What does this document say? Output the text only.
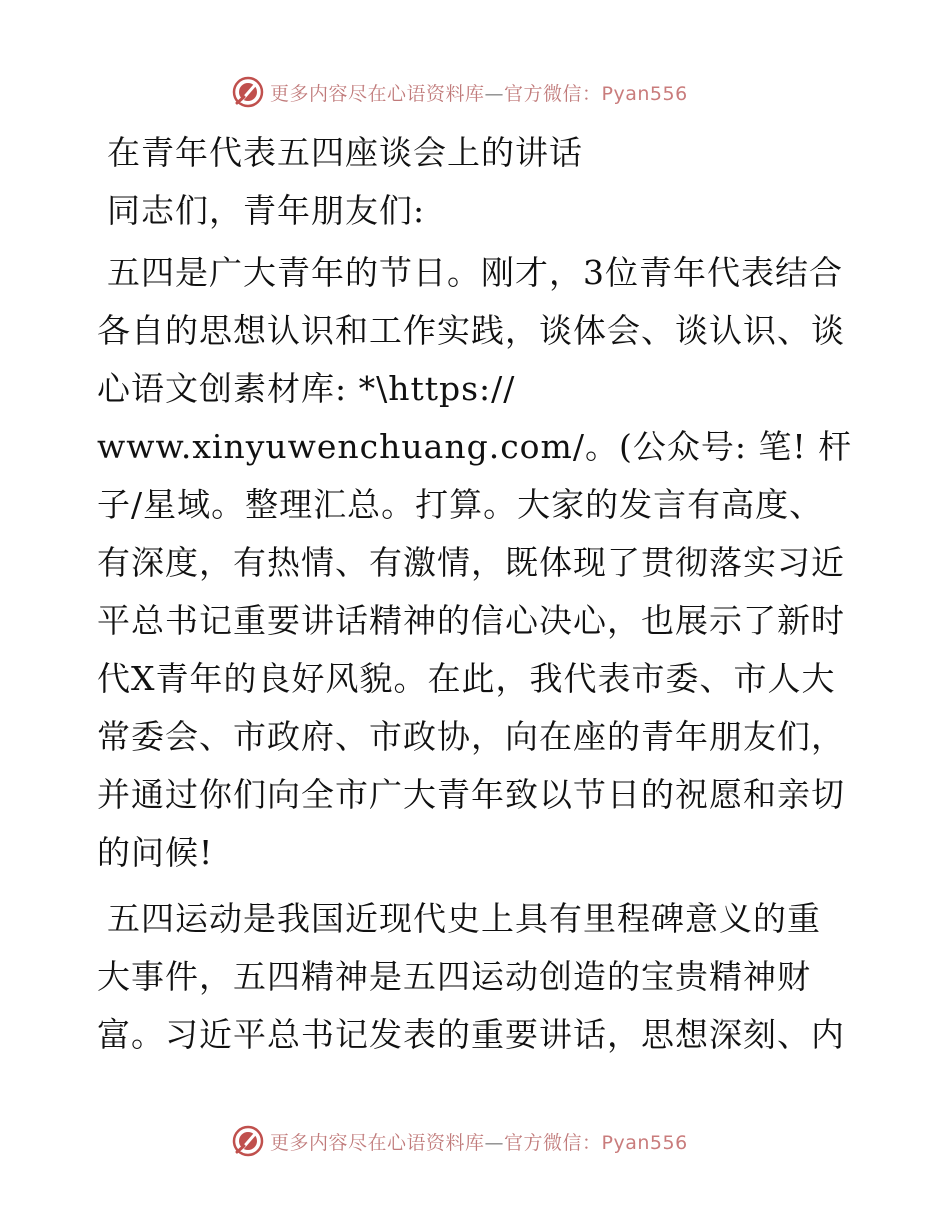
更多内容尽在心语资料库—官方微信：Pyan556
在青年代表五四座谈会上的讲话
同志们，青年朋友们:
五四是广大青年的节日。刚才，3位青年代表结合
各自的思想认识和工作实践，谈体会、谈认识、谈
心语文创素材库: *\https://
www.xinyuwenchuang.com/。(公众号: 笔! 杆
子/星域。整理汇总。打算。大家的发言有高度、
有深度，有热情、有激情，既体现了贯彻落实习近
平总书记重要讲话精神的信心决心，也展示了新时
代X青年的良好风貌。在此，我代表市委、市人大
常委会、市政府、市政协，向在座的青年朋友们，
并通过你们向全市广大青年致以节日的祝愿和亲切
的问候!
五四运动是我国近现代史上具有里程碑意义的重
大事件，五四精神是五四运动创造的宝贵精神财
富。习近平总书记发表的重要讲话，思想深刻、内
更多内容尽在心语资料库—官方微信：Pyan556
